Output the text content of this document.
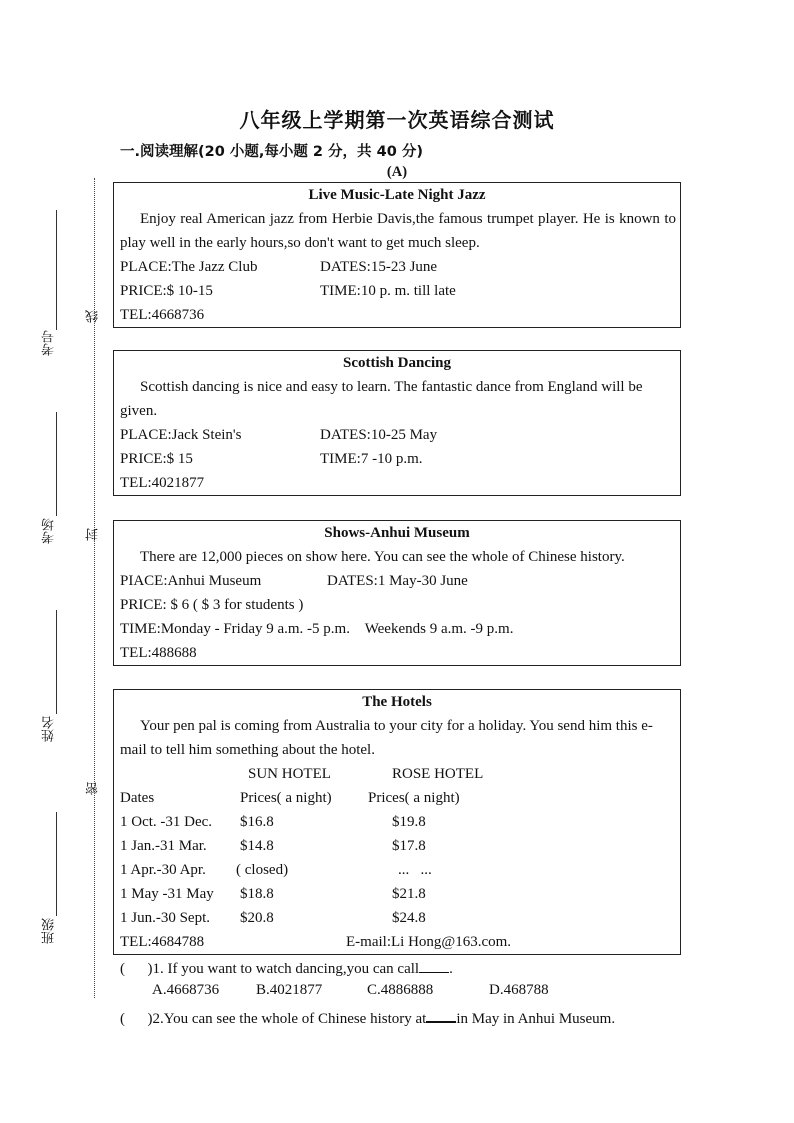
八年级上学期第一次英语综合测试
一.阅读理解(20 小题,每小题 2 分，共 40 分)
(A)
考号
考场
姓名
班级
线
封
密
Live Music-Late Night Jazz
Enjoy real American jazz from Herbie Davis,the famous trumpet player. He is known to play well in the early hours,so don't want to get much sleep.
PLACE:The Jazz Club	DATES:15-23 June
PRICE:$ 10-15	TIME:10 p. m. till late
TEL:4668736
Scottish Dancing
Scottish dancing is nice and easy to learn. The fantastic dance from England will be given.
PLACE:Jack Stein's	DATES:10-25 May
PRICE:$ 15	TIME:7 -10 p.m.
TEL:4021877
Shows-Anhui Museum
There are 12,000 pieces on show here. You can see the whole of Chinese history.
PIACE:Anhui Museum	DATES:1 May-30 June
PRICE: $ 6 ( $ 3 for students )
TIME:Monday - Friday 9 a.m. -5 p.m.    Weekends 9 a.m. -9 p.m.
TEL:488688
The Hotels
Your pen pal is coming from Australia to your city for a holiday. You send him this e-mail to tell him something about the hotel.
SUN HOTEL	ROSE HOTEL
Dates	Prices( a night) Prices( a night)
1 Oct. -31 Dec. $16.8	$19.8
1 Jan.-31 Mar. $14.8	$17.8
1 Apr.-30 Apr. ( closed)	...   ...
1 May -31 May $18.8	$21.8
1 Jun.-30 Sept. $20.8	$24.8
TEL:4684788	E-mail:Li Hong@163.com.
(      )1. If you want to watch dancing,you can call .
A.4668736 B.4021877	C.4886888	D.468788
(      )2.You can see the whole of Chinese history at in May in Anhui Museum.
